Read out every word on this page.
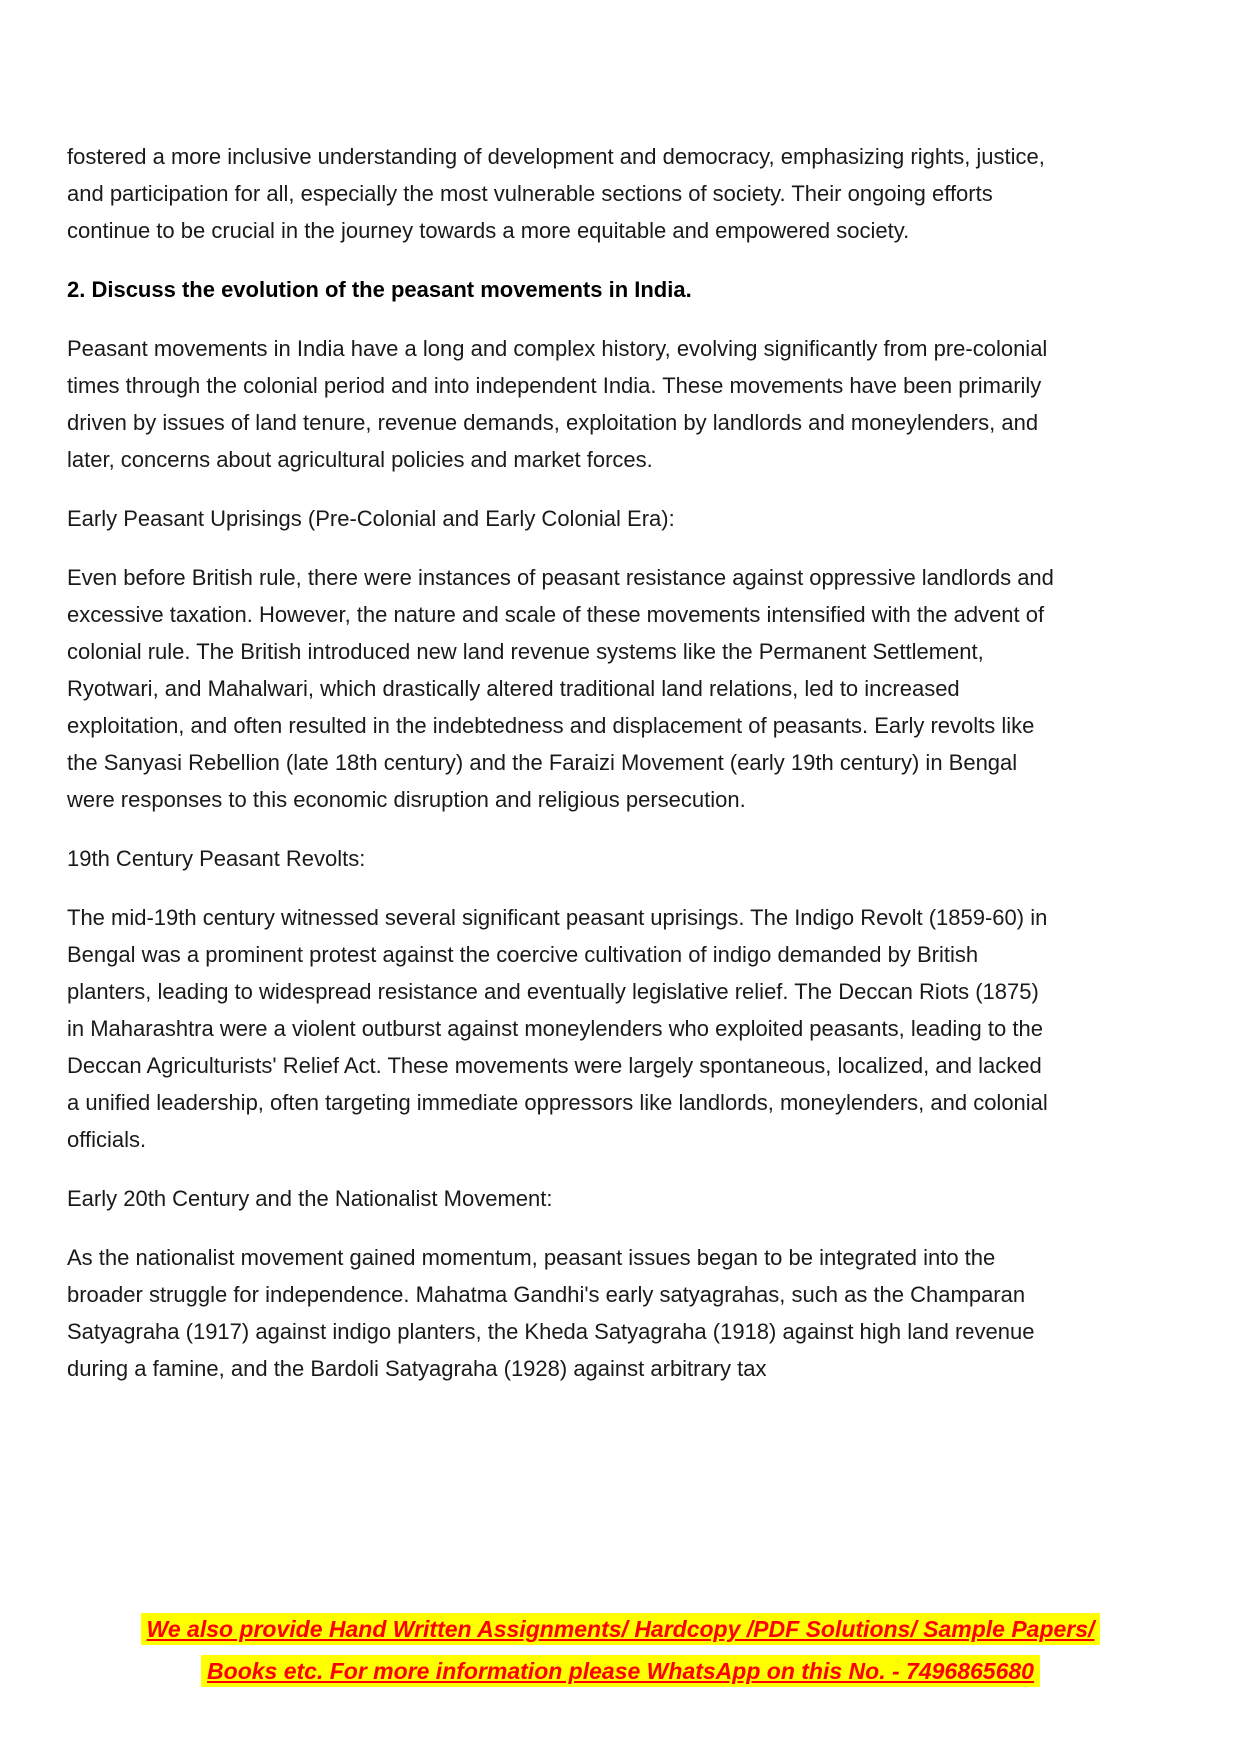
fostered a more inclusive understanding of development and democracy, emphasizing rights, justice, and participation for all, especially the most vulnerable sections of society. Their ongoing efforts continue to be crucial in the journey towards a more equitable and empowered society.

2. Discuss the evolution of the peasant movements in India.

Peasant movements in India have a long and complex history, evolving significantly from pre-colonial times through the colonial period and into independent India. These movements have been primarily driven by issues of land tenure, revenue demands, exploitation by landlords and moneylenders, and later, concerns about agricultural policies and market forces.

Early Peasant Uprisings (Pre-Colonial and Early Colonial Era):

Even before British rule, there were instances of peasant resistance against oppressive landlords and excessive taxation. However, the nature and scale of these movements intensified with the advent of colonial rule. The British introduced new land revenue systems like the Permanent Settlement, Ryotwari, and Mahalwari, which drastically altered traditional land relations, led to increased exploitation, and often resulted in the indebtedness and displacement of peasants. Early revolts like the Sanyasi Rebellion (late 18th century) and the Faraizi Movement (early 19th century) in Bengal were responses to this economic disruption and religious persecution.

19th Century Peasant Revolts:

The mid-19th century witnessed several significant peasant uprisings. The Indigo Revolt (1859-60) in Bengal was a prominent protest against the coercive cultivation of indigo demanded by British planters, leading to widespread resistance and eventually legislative relief. The Deccan Riots (1875) in Maharashtra were a violent outburst against moneylenders who exploited peasants, leading to the Deccan Agriculturists' Relief Act. These movements were largely spontaneous, localized, and lacked a unified leadership, often targeting immediate oppressors like landlords, moneylenders, and colonial officials.

Early 20th Century and the Nationalist Movement:

As the nationalist movement gained momentum, peasant issues began to be integrated into the broader struggle for independence. Mahatma Gandhi's early satyagrahas, such as the Champaran Satyagraha (1917) against indigo planters, the Kheda Satyagraha (1918) against high land revenue during a famine, and the Bardoli Satyagraha (1928) against arbitrary tax

We also provide Hand Written Assignments/ Hardcopy /PDF Solutions/ Sample Papers/
Books etc. For more information please WhatsApp on this No. - 7496865680
